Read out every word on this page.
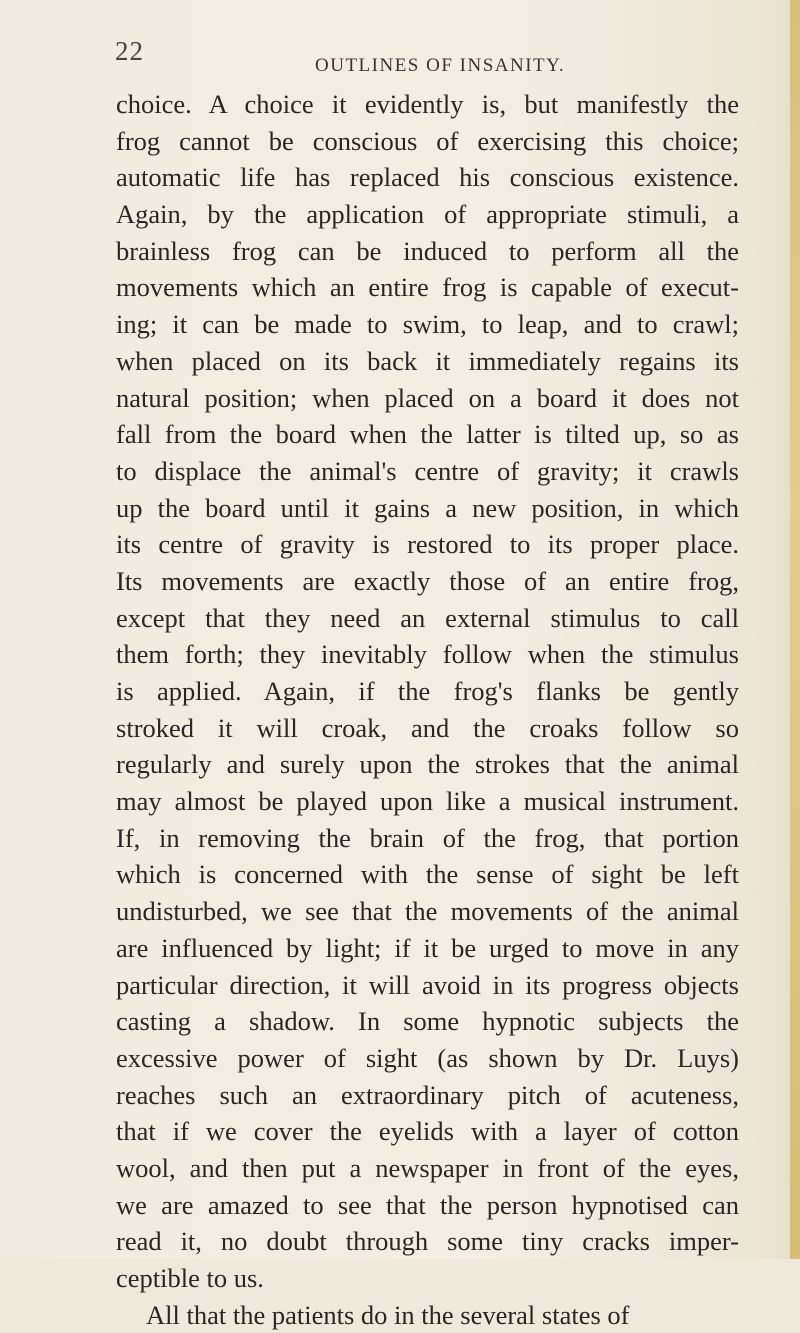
22	OUTLINES OF INSANITY.
choice. A choice it evidently is, but manifestly the
frog cannot be conscious of exercising this choice;
automatic life has replaced his conscious existence.
Again, by the application of appropriate stimuli, a
brainless frog can be induced to perform all the
movements which an entire frog is capable of execut-
ing; it can be made to swim, to leap, and to crawl;
when placed on its back it immediately regains its
natural position; when placed on a board it does not
fall from the board when the latter is tilted up, so as
to displace the animal's centre of gravity; it crawls
up the board until it gains a new position, in which
its centre of gravity is restored to its proper place.
Its movements are exactly those of an entire frog,
except that they need an external stimulus to call
them forth; they inevitably follow when the stimulus
is applied. Again, if the frog's flanks be gently
stroked it will croak, and the croaks follow so
regularly and surely upon the strokes that the animal
may almost be played upon like a musical instrument.
If, in removing the brain of the frog, that portion
which is concerned with the sense of sight be left
undisturbed, we see that the movements of the animal
are influenced by light; if it be urged to move in any
particular direction, it will avoid in its progress objects
casting a shadow. In some hypnotic subjects the
excessive power of sight (as shown by Dr. Luys)
reaches such an extraordinary pitch of acuteness,
that if we cover the eyelids with a layer of cotton
wool, and then put a newspaper in front of the eyes,
we are amazed to see that the person hypnotised can
read it, no doubt through some tiny cracks imper-
ceptible to us.
All that the patients do in the several states of
